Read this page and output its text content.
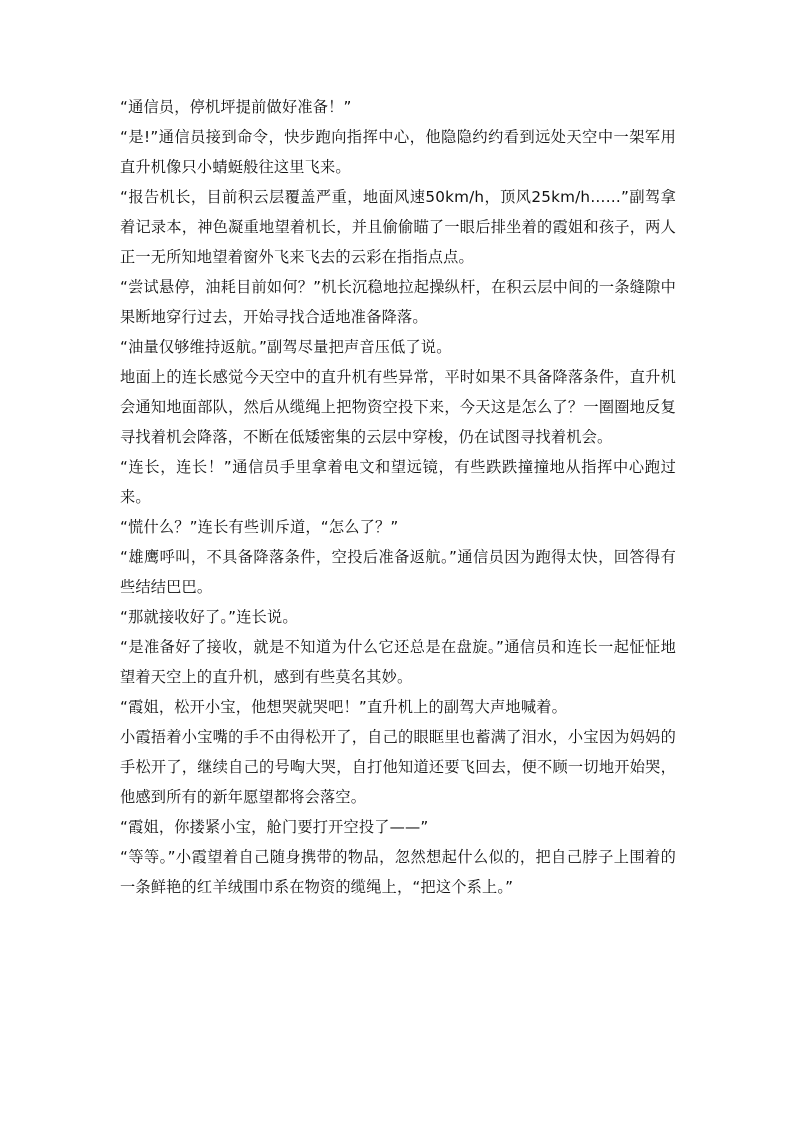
“通信员，停机坪提前做好准备！”

“是!”通信员接到命令，快步跑向指挥中心，他隐隐约约看到远处天空中一架军用直升机像只小蜻蜓般往这里飞来。

“报告机长，目前积云层覆盖严重，地面风速50km/h，顶风25km/h……”副驾拿着记录本，神色凝重地望着机长，并且偷偷瞄了一眼后排坐着的霞姐和孩子，两人正一无所知地望着窗外飞来飞去的云彩在指指点点。

“尝试悬停，油耗目前如何？”机长沉稳地拉起操纵杆，在积云层中间的一条缝隙中果断地穿行过去，开始寻找合适地准备降落。

“油量仅够维持返航。”副驾尽量把声音压低了说。

地面上的连长感觉今天空中的直升机有些异常，平时如果不具备降落条件，直升机会通知地面部队，然后从缆绳上把物资空投下来，今天这是怎么了？一圈圈地反复寻找着机会降落，不断在低矮密集的云层中穿梭，仍在试图寻找着机会。

“连长，连长！”通信员手里拿着电文和望远镜，有些跌跌撞撞地从指挥中心跑过来。

“慌什么？”连长有些训斥道，“怎么了？”

“雄鹰呼叫，不具备降落条件，空投后准备返航。”通信员因为跑得太快，回答得有些结结巴巴。

“那就接收好了。”连长说。

“是准备好了接收，就是不知道为什么它还总是在盘旋。”通信员和连长一起怔怔地望着天空上的直升机，感到有些莫名其妙。

“霞姐，松开小宝，他想哭就哭吧！”直升机上的副驾大声地喊着。

小霞捂着小宝嘴的手不由得松开了，自己的眼眶里也蓄满了泪水，小宝因为妈妈的手松开了，继续自己的号啕大哭，自打他知道还要飞回去，便不顾一切地开始哭，他感到所有的新年愿望都将会落空。

“霞姐，你搂紧小宝，舱门要打开空投了——”

“等等。”小霞望着自己随身携带的物品，忽然想起什么似的，把自己脖子上围着的一条鲜艳的红羊绒围巾系在物资的缆绳上，“把这个系上。”
